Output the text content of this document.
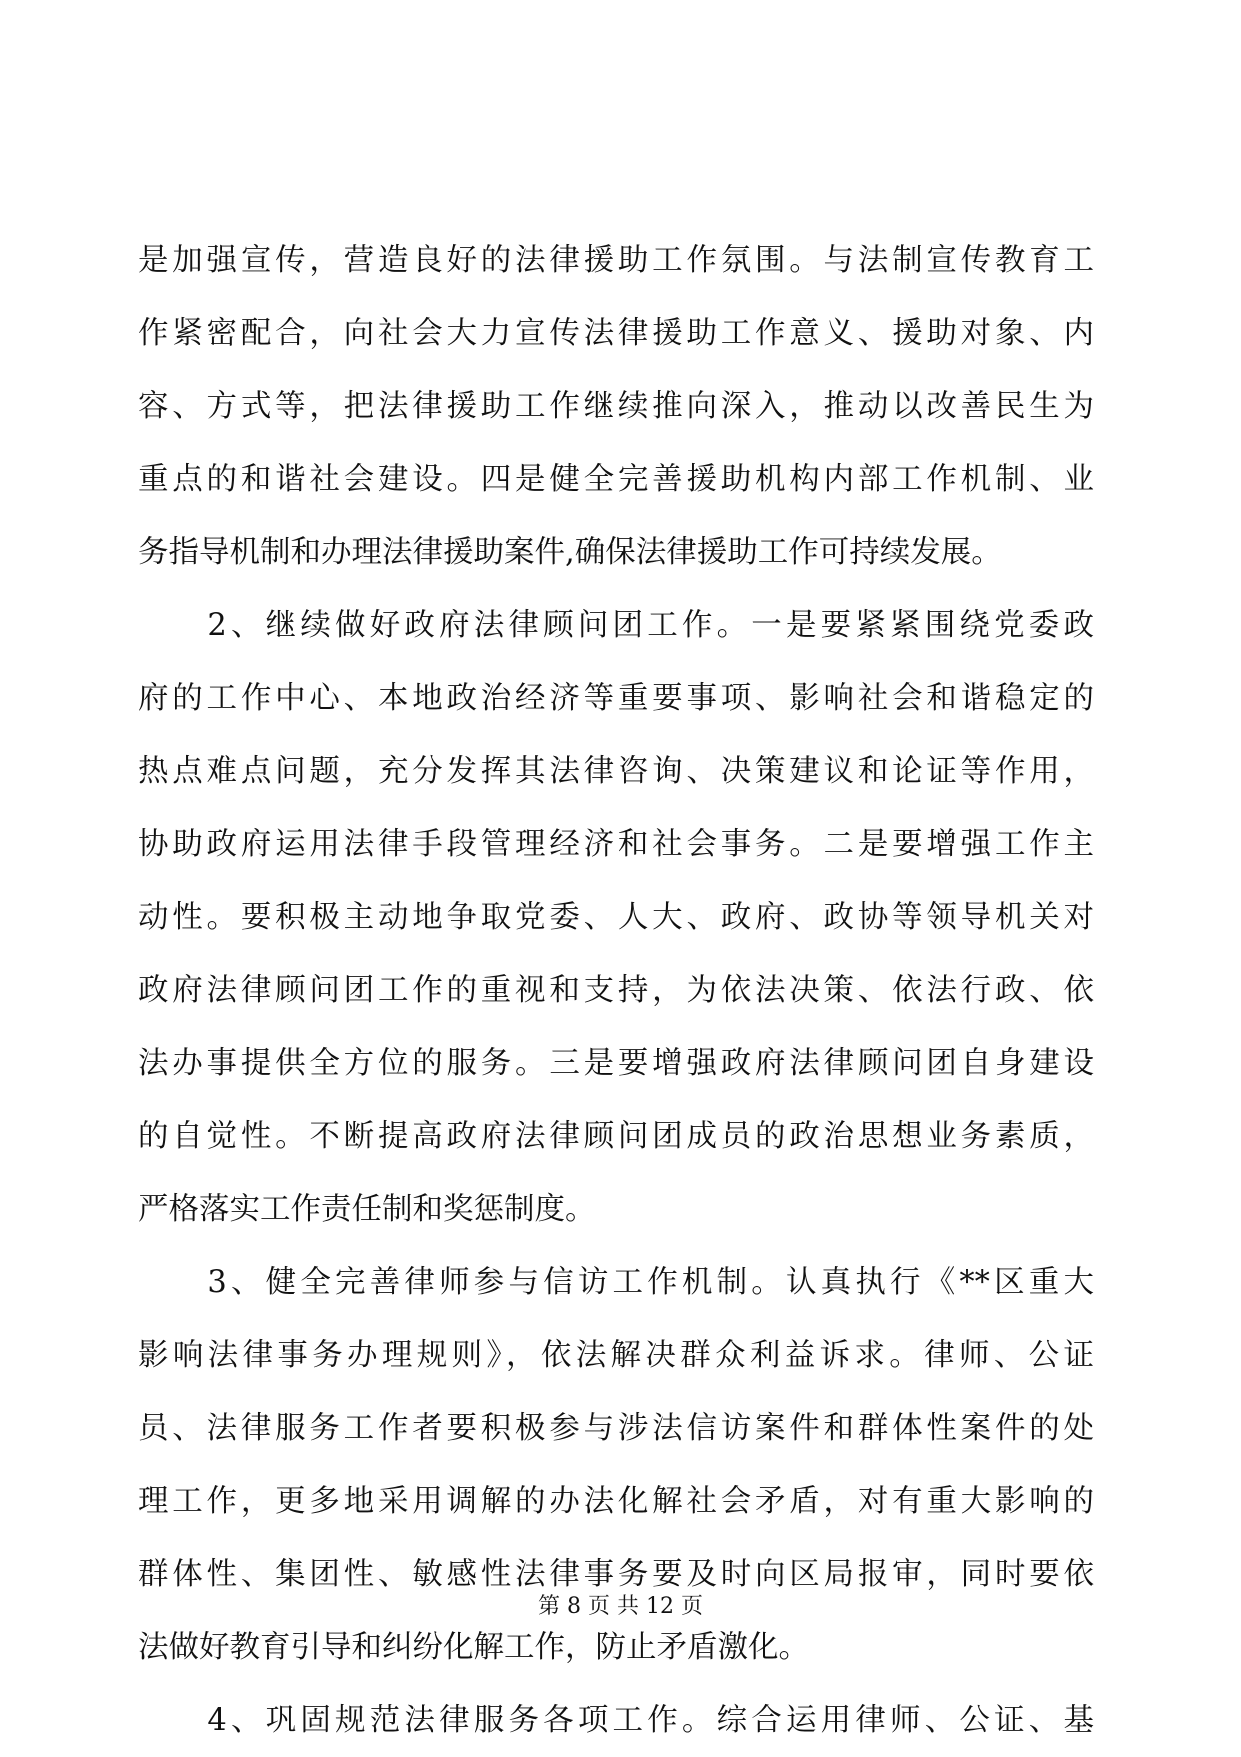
是加强宣传，营造良好的法律援助工作氛围。与法制宣传教育工
作紧密配合，向社会大力宣传法律援助工作意义、援助对象、内
容、方式等，把法律援助工作继续推向深入，推动以改善民生为
重点的和谐社会建设。四是健全完善援助机构内部工作机制、业
务指导机制和办理法律援助案件,确保法律援助工作可持续发展。
　　2、继续做好政府法律顾问团工作。一是要紧紧围绕党委政
府的工作中心、本地政治经济等重要事项、影响社会和谐稳定的
热点难点问题，充分发挥其法律咨询、决策建议和论证等作用，
协助政府运用法律手段管理经济和社会事务。二是要增强工作主
动性。要积极主动地争取党委、人大、政府、政协等领导机关对
政府法律顾问团工作的重视和支持，为依法决策、依法行政、依
法办事提供全方位的服务。三是要增强政府法律顾问团自身建设
的自觉性。不断提高政府法律顾问团成员的政治思想业务素质，
严格落实工作责任制和奖惩制度。
　　3、健全完善律师参与信访工作机制。认真执行《**区重大
影响法律事务办理规则》，依法解决群众利益诉求。律师、公证
员、法律服务工作者要积极参与涉法信访案件和群体性案件的处
理工作，更多地采用调解的办法化解社会矛盾，对有重大影响的
群体性、集团性、敏感性法律事务要及时向区局报审，同时要依
法做好教育引导和纠纷化解工作，防止矛盾激化。
　　4、巩固规范法律服务各项工作。综合运用律师、公证、基
第 8 页 共 12 页
